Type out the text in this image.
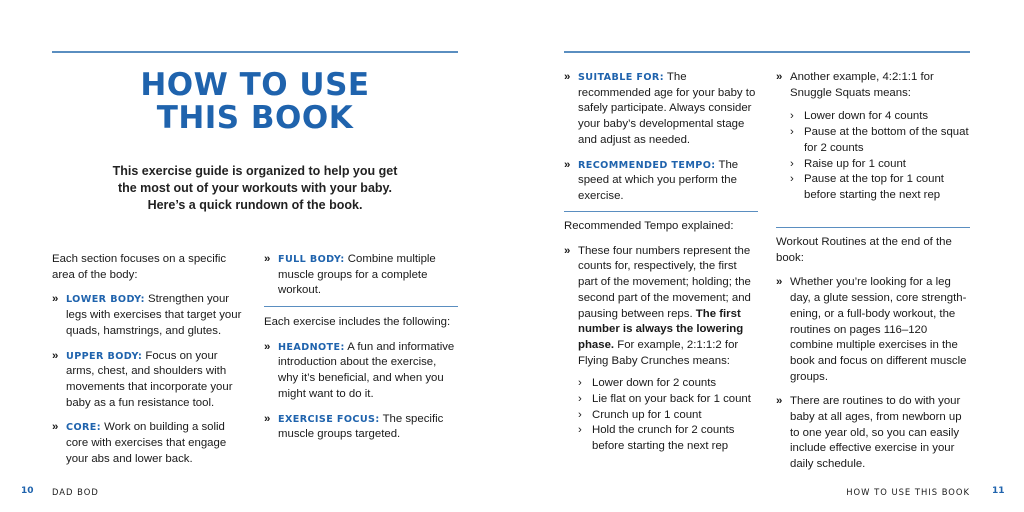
HOW TO USE
THIS BOOK
This exercise guide is organized to help you get the most out of your workouts with your baby. Here’s a quick rundown of the book.

Each section focuses on a specific area of the body:

» LOWER BODY: Strengthen your legs with exercises that target your quads, hamstrings, and glutes.
» UPPER BODY: Focus on your arms, chest, and shoulders with movements that incorporate your baby as a fun resistance tool.
» CORE: Work on building a solid core with exercises that engage your abs and lower back.
» FULL BODY: Combine multiple muscle groups for a complete workout.

Each exercise includes the following:

» HEADNOTE: A fun and informative introduction about the exercise, why it’s beneficial, and when you might want to do it.
» EXERCISE FOCUS: The specific muscle groups targeted.
10 DAD BOD
» SUITABLE FOR: The recommended age for your baby to safely participate. Always consider your baby’s developmental stage and adjust as needed.
» RECOMMENDED TEMPO: The speed at which you perform the exercise.

Recommended Tempo explained:

» These four numbers represent the counts for, respectively, the first part of the movement; holding; the second part of the movement; and pausing between reps. The first number is always the lowering phase. For example, 2:1:1:2 for Flying Baby Crunches means:
› Lower down for 2 counts
› Lie flat on your back for 1 count
› Crunch up for 1 count
› Hold the crunch for 2 counts before starting the next rep
» Another example, 4:2:1:1 for Snuggle Squats means:
› Lower down for 4 counts
› Pause at the bottom of the squat for 2 counts
› Raise up for 1 count
› Pause at the top for 1 count before starting the next rep

Workout Routines at the end of the book:

» Whether you’re looking for a leg day, a glute session, core strengthening, or a full-body workout, the routines on pages 116–120 combine multiple exercises in the book and focus on different muscle groups.
» There are routines to do with your baby at all ages, from newborn up to one year old, so you can easily include effective exercise in your daily schedule.
HOW TO USE THIS BOOK 11
